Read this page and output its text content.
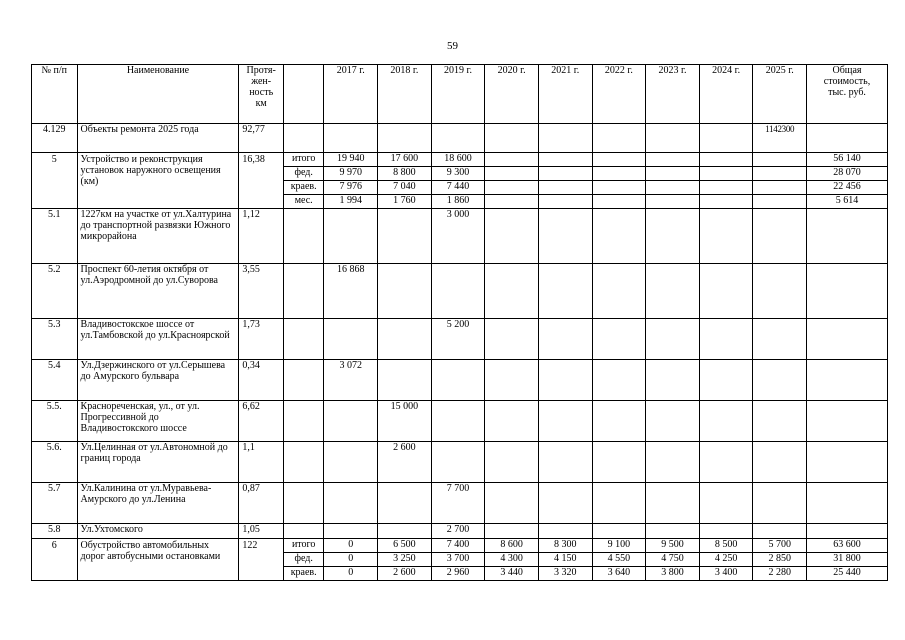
59
№ п/п	Наименование	Протя-
жен-
ность
км		2017 г.	2018 г.	2019 г.	2020 г.	2021 г.	2022 г.	2023 г.	2024 г.	2025 г.	Общая
стоимость,
тыс. руб.
4.129	Объекты ремонта 2025 года	92,77										1142300	
5	Устройство и реконструкция установок наружного освещения (км)	16,38	итого	19 940	17 600	18 600							56 140
			фед.	9 970	8 800	9 300							28 070
			краев.	7 976	7 040	7 440							22 456
			мес.	1 994	1 760	1 860							5 614
5.1	1227км на участке от ул.Халтурина до транспортной развязки Южного микрорайона	1,12				3 000							
5.2	Проспект 60-летия октября от ул.Аэродромной до ул.Суворова	3,55		16 868									
5.3	Владивостокское шоссе от ул.Тамбовской до ул.Красноярской	1,73				5 200							
5.4	Ул.Дзержинского от ул.Серышева до Амурского бульвара	0,34		3 072									
5.5.	Краснореченская, ул., от ул. Прогрессивной до Владивостокского шоссе	6,62			15 000								
5.6.	Ул.Целинная от ул.Автономной до границ города	1,1			2 600								
5.7	Ул.Калинина от ул.Муравьева-Амурского до ул.Ленина	0,87				7 700							
5.8	Ул.Ухтомского	1,05				2 700							
6	Обустройство автомобильных дорог автобусными остановками	122	итого	0	6 500	7 400	8 600	8 300	9 100	9 500	8 500	5 700	63 600
			фед.	0	3 250	3 700	4 300	4 150	4 550	4 750	4 250	2 850	31 800
			краев.	0	2 600	2 960	3 440	3 320	3 640	3 800	3 400	2 280	25 440
